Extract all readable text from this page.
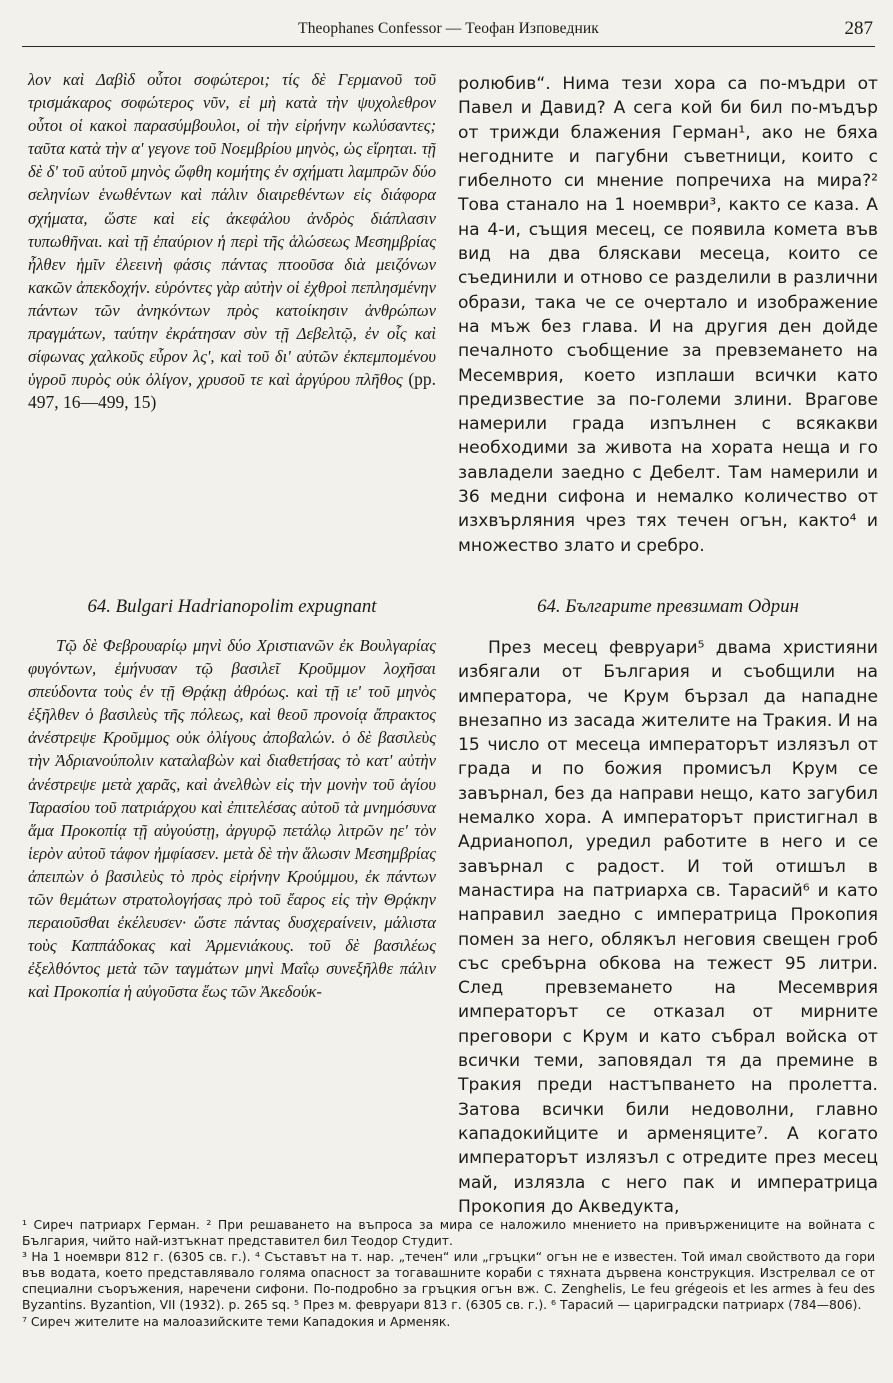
Theophanes Confessor — Теофан Изповедник	287

λον καὶ Δαβὶδ οὗτοι σοφώτεροι; τίς δὲ Γερμανοῦ τοῦ τρισμάκαρος σοφώτερος νῦν, εἰ μὴ κατὰ τὴν ψυχολεθρον οὗτοι οἱ κακοὶ παρασύμβουλοι, οἱ τὴν εἰρήνην κωλύσαντες; ταῦτα κατὰ τὴν α' γεγονε τοῦ Νοεμβρίου μηνὸς, ὡς εἴρηται. τῇ δὲ δ' τοῦ αὐτοῦ μηνὸς ὤφθη κομήτης ἐν σχήματι λαμπρῶν δύο σεληνίων ἑνωθέντων καὶ πάλιν διαιρεθέντων εἰς διάφορα σχήματα, ὥστε καὶ εἰς ἀκεφάλου ἀνδρὸς διάπλασιν τυπωθῆναι. καὶ τῇ ἐπαύριον ἡ περὶ τῆς ἁλώσεως Μεσημβρίας ἦλθεν ἡμῖν ἐλεεινὴ φάσις πάντας πτοοῦσα διὰ μειζόνων κακῶν ἀπεκδοχήν. εὑρόντες γὰρ αὐτὴν οἱ ἐχθροὶ πεπλησμένην πάντων τῶν ἀνηκόντων πρὸς κατοίκησιν ἀνθρώπων πραγμάτων, ταύτην ἐκράτησαν σὺν τῇ Δεβελτῷ, ἐν οἷς καὶ σίφωνας χαλκοῦς εὗρον λς', καὶ τοῦ δι' αὐτῶν ἐκπεμπομένου ὑγροῦ πυρὸς οὐκ ὀλίγον, χρυσοῦ τε καὶ ἀργύρου πλῆθος (pp. 497, 16—499, 15)

ролюбив“. Нима тези хора са по-мъдри от Павел и Давид? А сега кой би бил по-мъдър от трижди блажения Герман¹, ако не бяха негодните и пагубни съветници, които с гибелното си мнение попречиха на мира?² Това станало на 1 ноември³, както се каза. А на 4-и, същия месец, се появила комета във вид на два бляскави месеца, които се съединили и отново се разделили в различни образи, така че се очертало и изображение на мъж без глава. И на другия ден дойде печалното съобщение за превземането на Месемврия, което изплаши всички като предизвестие за по-големи злини. Врагове намерили града изпълнен с всякакви необходими за живота на хората неща и го завладели заедно с Дебелт. Там намерили и 36 медни сифона и немалко количество от изхвърляния чрез тях течен огън, както⁴ и множество злато и сребро.

64. Bulgari Hadrianopolim expugnant	64. Българите превзимат Одрин

Τῷ δὲ Φεβρουαρίῳ μηνὶ δύο Χριστιανῶν ἐκ Βουλγαρίας φυγόντων, ἐμήνυσαν τῷ βασιλεῖ Κροῦμμον λοχῆσαι σπεύδοντα τοὺς ἐν τῇ Θρᾴκῃ ἀθρόως. καὶ τῇ ιε' τοῦ μηνὸς ἐξῆλθεν ὁ βασιλεὺς τῆς πόλεως, καὶ θεοῦ προνοίᾳ ἄπρακτος ἀνέστρεψε Κροῦμμος οὐκ ὀλίγους ἀποβαλών. ὁ δὲ βασιλεὺς τὴν Ἀδριανούπολιν καταλαβὼν καὶ διαθετήσας τὸ κατ' αὐτὴν ἀνέστρεψε μετὰ χαρᾶς, καὶ ἀνελθὼν εἰς τὴν μονὴν τοῦ ἁγίου Ταρασίου τοῦ πατριάρχου καὶ ἐπιτελέσας αὐτοῦ τὰ μνημόσυνα ἅμα Προκοπίᾳ τῇ αὐγούστῃ, ἀργυρῷ πετάλῳ λιτρῶν ηε' τὸν ἱερὸν αὐτοῦ τάφον ἠμφίασεν. μετὰ δὲ τὴν ἅλωσιν Μεσημβρίας ἀπειπὼν ὁ βασιλεὺς τὸ πρὸς εἰρήνην Κρούμμου, ἐκ πάντων τῶν θεμάτων στρατολογήσας πρὸ τοῦ ἔαρος εἰς τὴν Θρᾴκην περαιοῦσθαι ἐκέλευσεν· ὥστε πάντας δυσχεραίνειν, μάλιστα τοὺς Καππάδοκας καὶ Ἀρμενιάκους. τοῦ δὲ βασιλέως ἐξελθόντος μετὰ τῶν ταγμάτων μηνὶ Μαΐῳ συνεξῆλθε πάλιν καὶ Προκοπία ἡ αὐγοῦστα ἕως τῶν Ἀκεδούκ-

През месец февруари⁵ двама християни избягали от България и съобщили на императора, че Крум бързал да нападне внезапно из засада жителите на Тракия. И на 15 число от месеца императорът излязъл от града и по божия промисъл Крум се завърнал, без да направи нещо, като загубил немалко хора. А императорът пристигнал в Адрианопол, уредил работите в него и се завърнал с радост. И той отишъл в манастира на патриарха св. Тарасий⁶ и като направил заедно с императрица Прокопия помен за него, облякъл неговия свещен гроб със сребърна обкова на тежест 95 литри. След превземането на Месемврия императорът се отказал от мирните преговори с Крум и като събрал войска от всички теми, заповядал тя да премине в Тракия преди настъпването на пролетта. Затова всички били недоволни, главно кападокийците и арменяците⁷. А когато императорът излязъл с отредите през месец май, излязла с него пак и императрица Прокопия до Акведукта,

¹ Сиреч патриарх Герман. ² При решаването на въпроса за мира се наложило мнението на привържениците на войната с България, чийто най-изтъкнат представител бил Теодор Студит.

³ На 1 ноември 812 г. (6305 св. г.). ⁴ Съставът на т. нар. „течен“ или „гръцки“ огън не е известен. Той имал свойството да гори във водата, което представлявало голяма опасност за тогавашните кораби с тяхната дървена конструкция. Изстрелвал се от специални съоръжения, наречени сифони. По-подробно за гръцкия огън вж. C. Zenghelis, Le feu grégeois et les armes à feu des Byzantins. Byzantion, VII (1932). p. 265 sq. ⁵ През м. февруари 813 г. (6305 св. г.). ⁶ Тарасий — цариградски патриарх (784—806).

⁷ Сиреч жителите на малоазийските теми Кападокия и Арменяк.
